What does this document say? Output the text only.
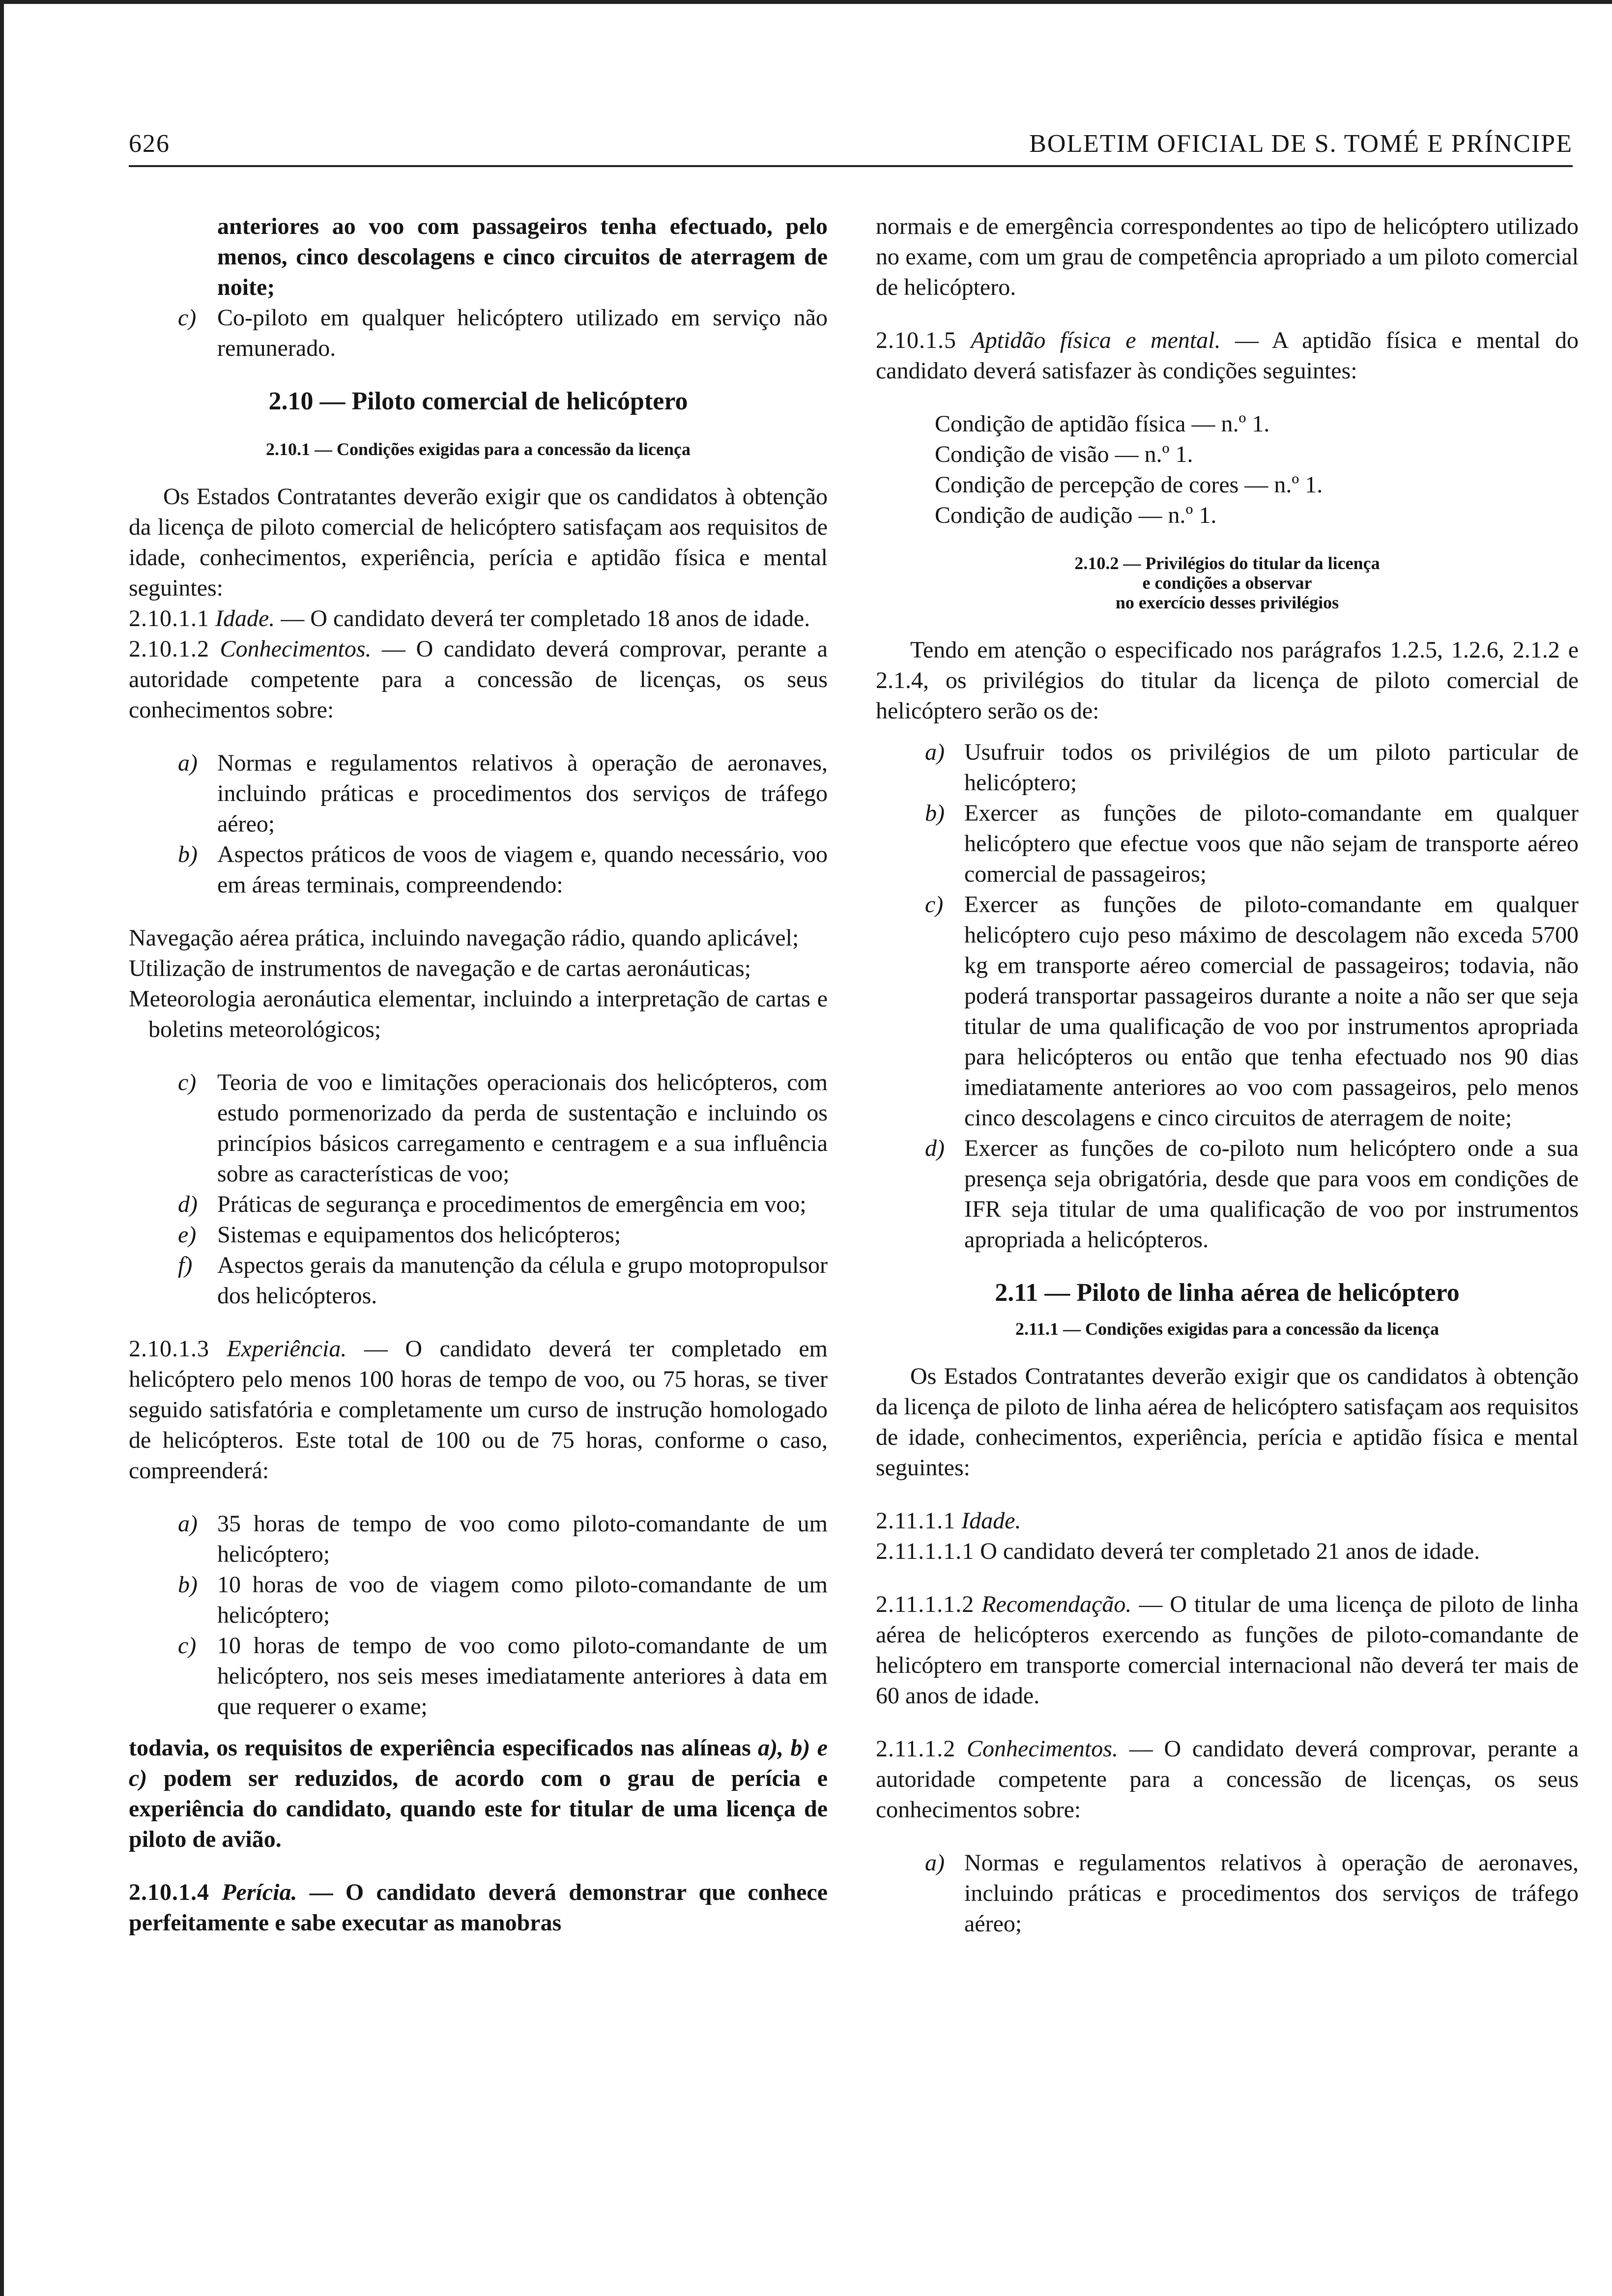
626	BOLETIM OFICIAL DE S. TOMÉ E PRÍNCIPE

anteriores ao voo com passageiros tenha efectuado, pelo menos, cinco descolagens e cinco circuitos de aterragem de noite;

c) Co-piloto em qualquer helicóptero utilizado em serviço não remunerado.

2.10 — Piloto comercial de helicóptero

2.10.1 — Condições exigidas para a concessão da licença

Os Estados Contratantes deverão exigir que os candidatos à obtenção da licença de piloto comercial de helicóptero satisfaçam aos requisitos de idade, conhecimentos, experiência, perícia e aptidão física e mental seguintes:

2.10.1.1 Idade. — O candidato deverá ter completado 18 anos de idade.

2.10.1.2 Conhecimentos. — O candidato deverá comprovar, perante a autoridade competente para a concessão de licenças, os seus conhecimentos sobre:

a) Normas e regulamentos relativos à operação de aeronaves, incluindo práticas e procedimentos dos serviços de tráfego aéreo;
b) Aspectos práticos de voos de viagem e, quando necessário, voo em áreas terminais, compreendendo:

Navegação aérea prática, incluindo navegação rádio, quando aplicável;

Utilização de instrumentos de navegação e de cartas aeronáuticas;

Meteorologia aeronáutica elementar, incluindo a interpretação de cartas e boletins meteorológicos;

c) Teoria de voo e limitações operacionais dos helicópteros, com estudo pormenorizado da perda de sustentação e incluindo os princípios básicos carregamento e centragem e a sua influência sobre as características de voo;
d) Práticas de segurança e procedimentos de emergência em voo;
e) Sistemas e equipamentos dos helicópteros;
f)	Aspectos gerais da manutenção da célula e grupo motopropulsor dos helicópteros.

2.10.1.3 Experiência. — O candidato deverá ter completado em helicóptero pelo menos 100 horas de tempo de voo, ou 75 horas, se tiver seguido satisfatória e completamente um curso de instrução homologado de helicópteros. Este total de 100 ou de 75 horas, conforme o caso, compreenderá:

a) 35 horas de tempo de voo como piloto-comandante de um helicóptero;
b) 10 horas de voo de viagem como piloto-comandante de um helicóptero;
c) 10 horas de tempo de voo como piloto-comandante de um helicóptero, nos seis meses imediatamente anteriores à data em que requerer o exame;

todavia, os requisitos de experiência especificados nas alíneas a), b) e c) podem ser reduzidos, de acordo com o grau de perícia e experiência do candidato, quando este for titular de uma licença de piloto de avião.

2.10.1.4 Perícia. — O candidato deverá demonstrar que conhece perfeitamente e sabe executar as manobras

normais e de emergência correspondentes ao tipo de helicóptero utilizado no exame, com um grau de competência apropriado a um piloto comercial de helicóptero.

2.10.1.5 Aptidão física e mental. — A aptidão física e mental do candidato deverá satisfazer às condições seguintes:

Condição de aptidão física — n.º 1.

Condição de visão — n.º 1.

Condição de percepção de cores — n.º 1.

Condição de audição — n.º 1.

2.10.2 — Privilégios do titular da licença

e condições a observar

no exercício desses privilégios

Tendo em atenção o especificado nos parágrafos 1.2.5, 1.2.6, 2.1.2 e 2.1.4, os privilégios do titular da licença de piloto comercial de helicóptero serão os de:

a) Usufruir todos os privilégios de um piloto particular de helicóptero;
b) Exercer as funções de piloto-comandante em qualquer helicóptero que efectue voos que não sejam de transporte aéreo comercial de passageiros;
c) Exercer as funções de piloto-comandante em qualquer helicóptero cujo peso máximo de descolagem não exceda 5700 kg em transporte aéreo comercial de passageiros; todavia, não poderá transportar passageiros durante a noite a não ser que seja titular de uma qualificação de voo por instrumentos apropriada para helicópteros ou então que tenha efectuado nos 90 dias imediatamente anteriores ao voo com passageiros, pelo menos cinco descolagens e cinco circuitos de aterragem de noite;
d) Exercer as funções de co-piloto num helicóptero onde a sua presença seja obrigatória, desde que para voos em condições de IFR seja titular de uma qualificação de voo por instrumentos apropriada a helicópteros.

2.11 — Piloto de linha aérea de helicóptero

2.11.1 — Condições exigidas para a concessão da licença

Os Estados Contratantes deverão exigir que os candidatos à obtenção da licença de piloto de linha aérea de helicóptero satisfaçam aos requisitos de idade, conhecimentos, experiência, perícia e aptidão física e mental seguintes:

2.11.1.1 Idade.

2.11.1.1.1 O candidato deverá ter completado 21 anos de idade.

2.11.1.1.2 Recomendação. — O titular de uma licença de piloto de linha aérea de helicópteros exercendo as funções de piloto-comandante de helicóptero em transporte comercial internacional não deverá ter mais de 60 anos de idade.

2.11.1.2 Conhecimentos. — O candidato deverá comprovar, perante a autoridade competente para a concessão de licenças, os seus conhecimentos sobre:

a) Normas e regulamentos relativos à operação de aeronaves, incluindo práticas e procedimentos dos serviços de tráfego aéreo;
